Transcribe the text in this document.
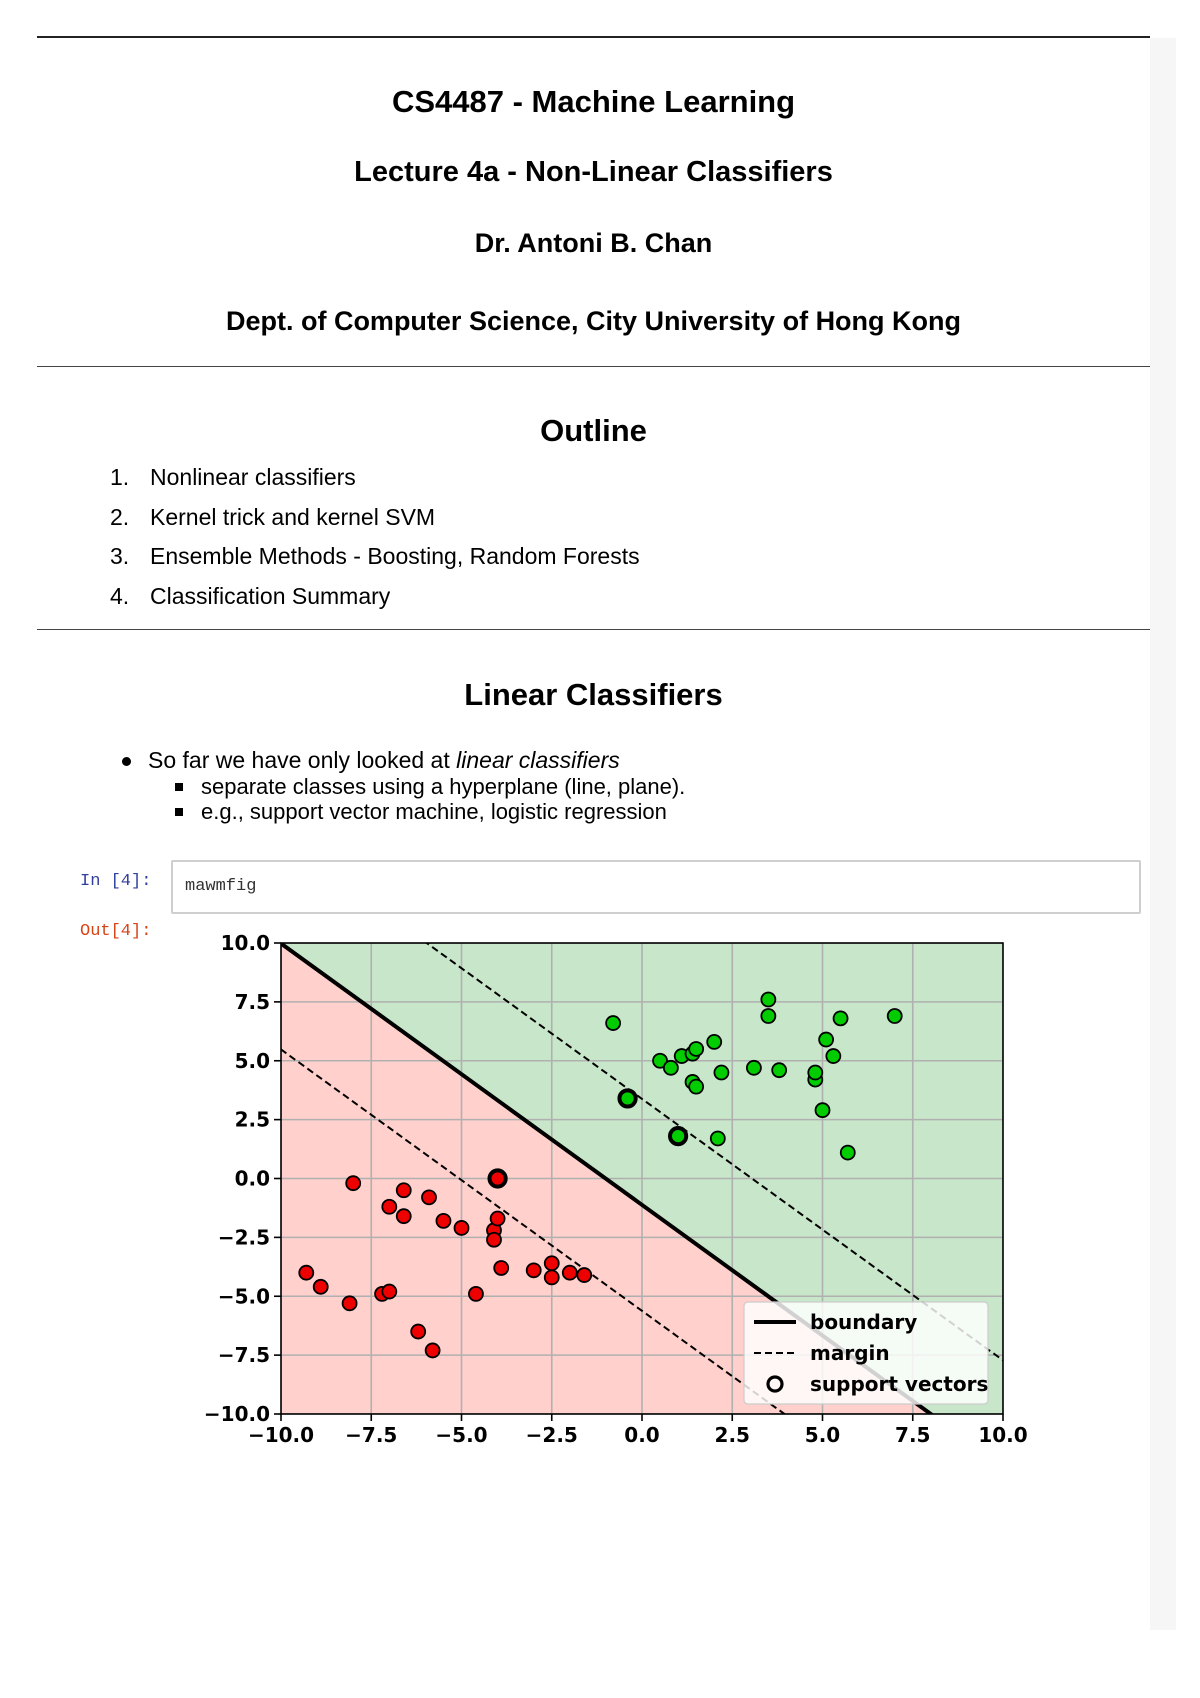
CS4487 - Machine Learning
Lecture 4a - Non-Linear Classifiers
Dr. Antoni B. Chan
Dept. of Computer Science, City University of Hong Kong
Outline
1. Nonlinear classifiers
2. Kernel trick and kernel SVM
3. Ensemble Methods - Boosting, Random Forests
4. Classification Summary
Linear Classifiers
So far we have only looked at linear classifiers
separate classes using a hyperplane (line, plane).
e.g., support vector machine, logistic regression
In [4]: mawmfig
Out[4]:
−10.0 −7.5 −5.0 −2.5 0.0	2.5	5.0	7.5 10.0
10.0
7.5
5.0
2.5
0.0
−2.5
−5.0
−7.5
−10.0
boundary
margin
support vectors
